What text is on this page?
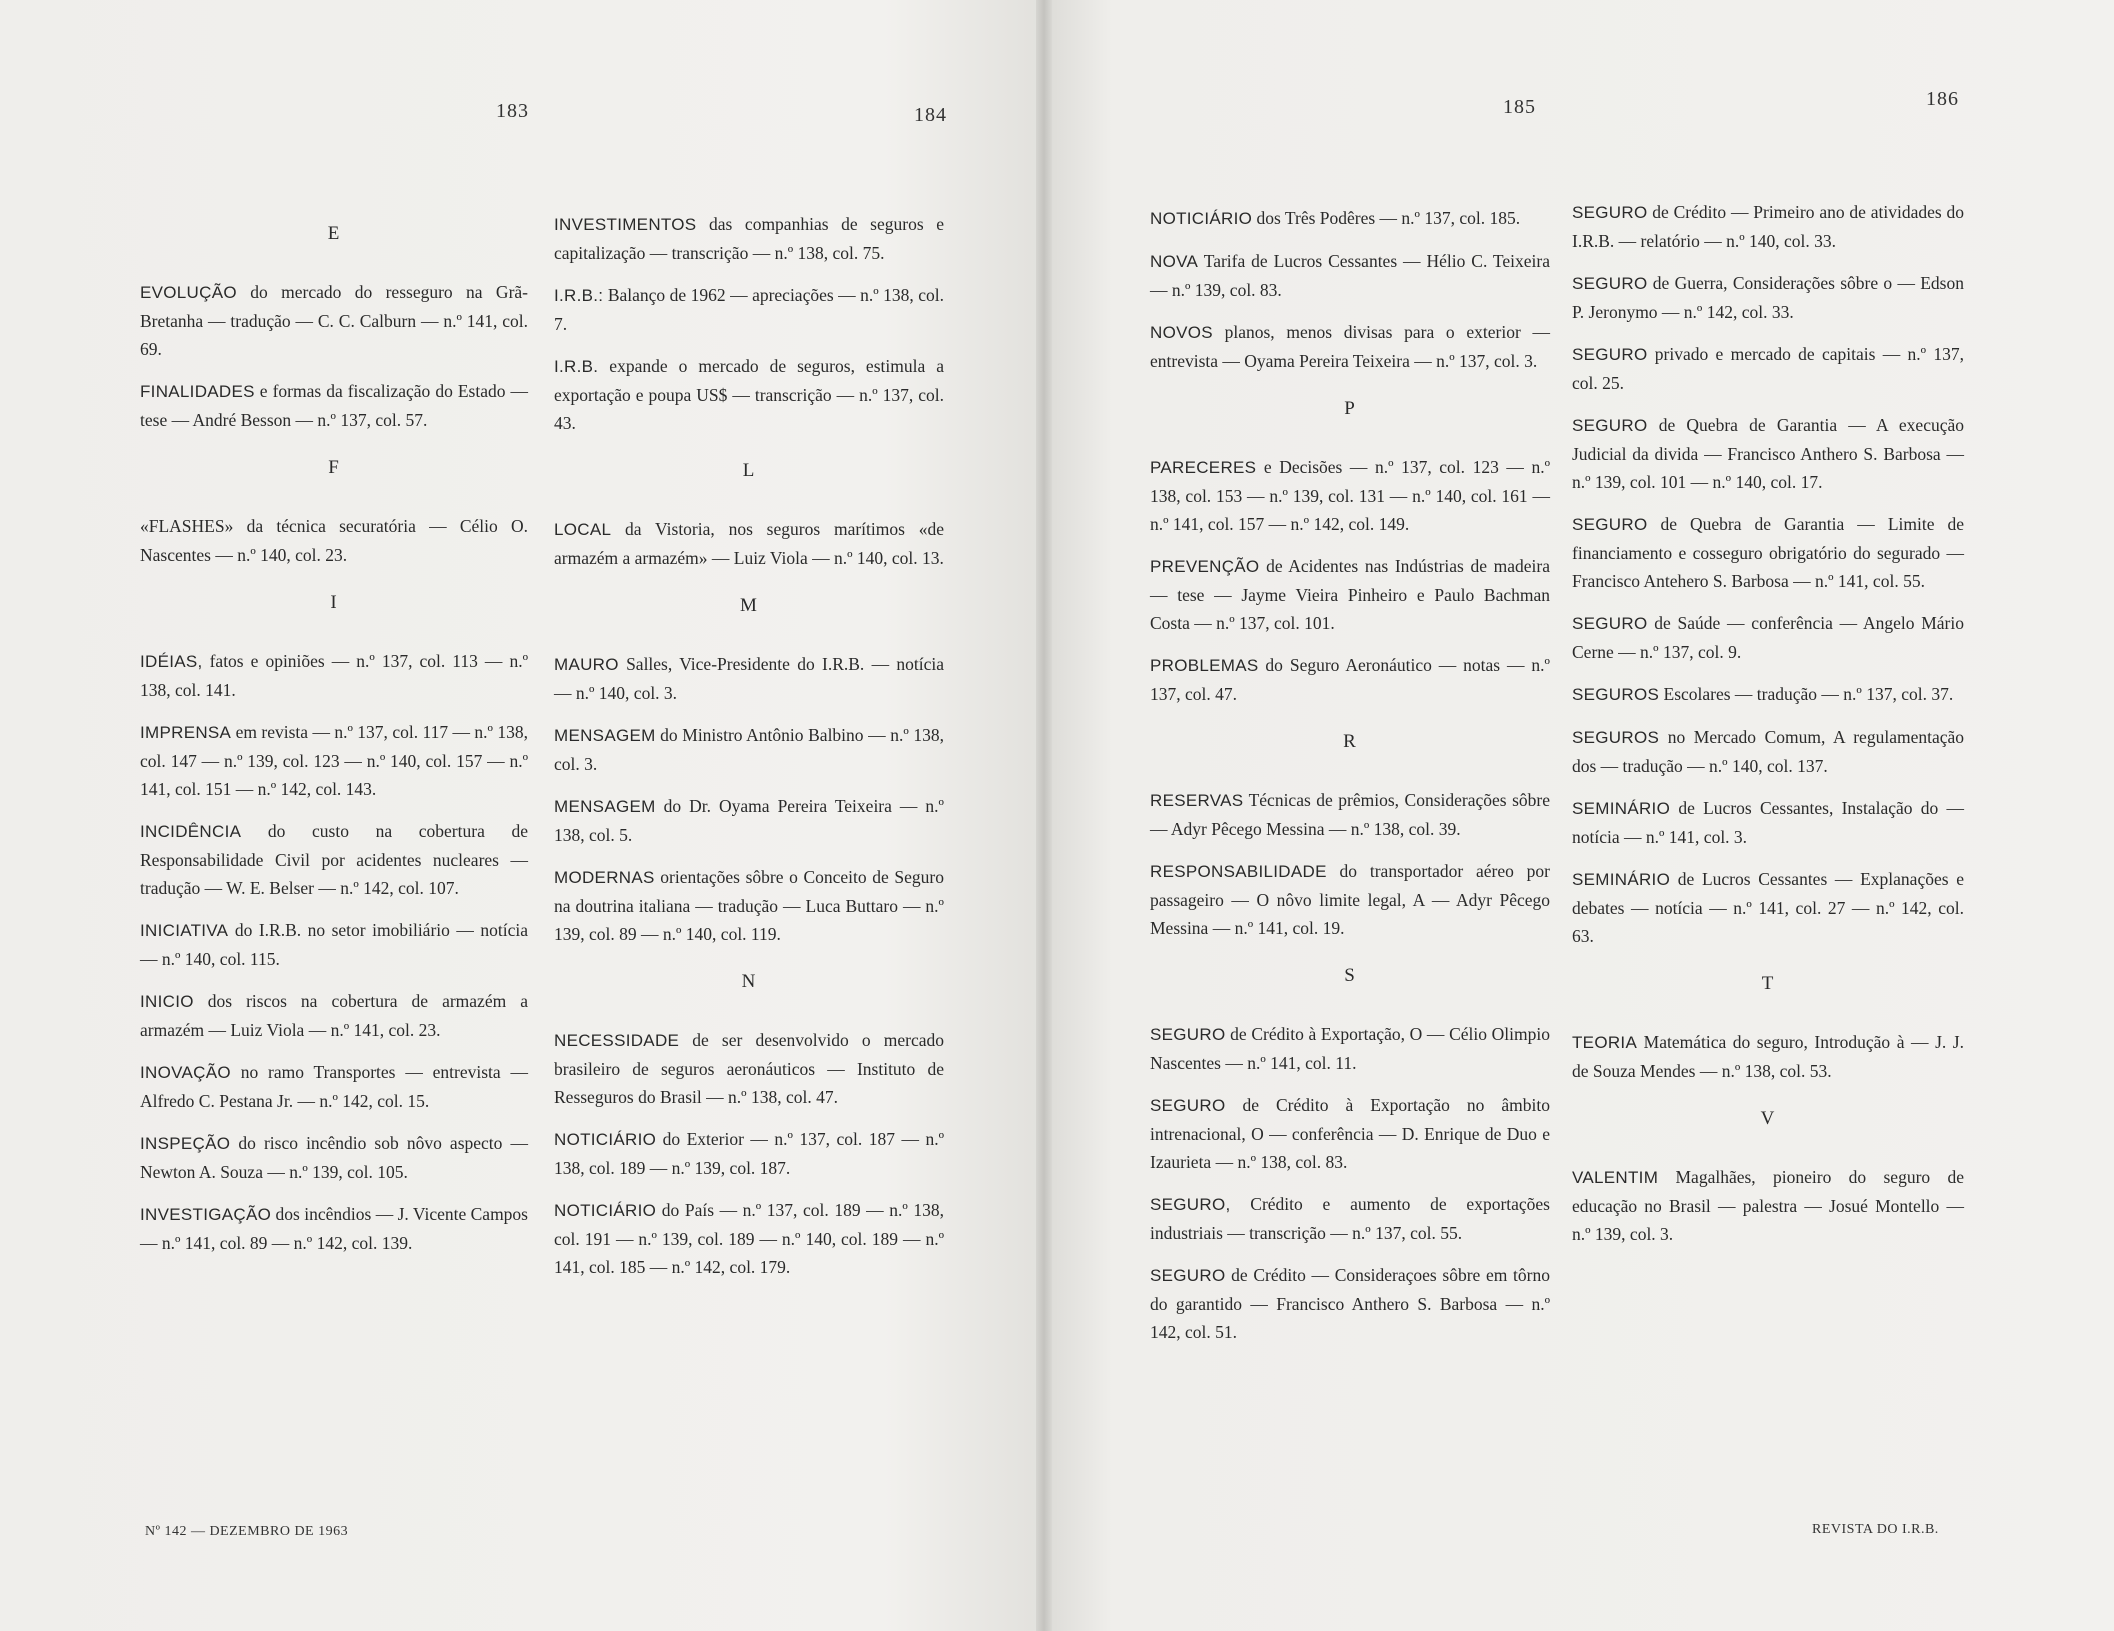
183	184	185	186
E
EVOLUÇÃO do mercado do resseguro na Grã-Bretanha — tradução — C. C. Calburn — n.º 141, col. 69.
FINALIDADES e formas da fiscalização do Estado — tese — André Besson — n.º 137, col. 57.
F
«FLASHES» da técnica securatória — Célio O. Nascentes — n.º 140, col. 23.
I
IDÉIAS, fatos e opiniões — n.º 137, col. 113 — n.º 138, col. 141.
IMPRENSA em revista — n.º 137, col. 117 — n.º 138, col. 147 — n.º 139, col. 123 — n.º 140, col. 157 — n.º 141, col. 151 — n.º 142, col. 143.
INCIDÊNCIA do custo na cobertura de Responsabilidade Civil por acidentes nucleares — tradução — W. E. Belser — n.º 142, col. 107.
INICIATIVA do I.R.B. no setor imobiliário — notícia — n.º 140, col. 115.
INICIO dos riscos na cobertura de armazém a armazém — Luiz Viola — n.º 141, col. 23.
INOVAÇÃO no ramo Transportes — entrevista — Alfredo C. Pestana Jr. — n.º 142, col. 15.
INSPEÇÃO do risco incêndio sob nôvo aspecto — Newton A. Souza — n.º 139, col. 105.
INVESTIGAÇÃO dos incêndios — J. Vicente Campos — n.º 141, col. 89 — n.º 142, col. 139.
INVESTIMENTOS das companhias de seguros e capitalização — transcrição — n.º 138, col. 75.
I.R.B.: Balanço de 1962 — apreciações — n.º 138, col. 7.
I.R.B. expande o mercado de seguros, estimula a exportação e poupa US$ — transcrição — n.º 137, col. 43.
L
LOCAL da Vistoria, nos seguros marítimos «de armazém a armazém» — Luiz Viola — n.º 140, col. 13.
M
MAURO Salles, Vice-Presidente do I.R.B. — notícia — n.º 140, col. 3.
MENSAGEM do Ministro Antônio Balbino — n.º 138, col. 3.
MENSAGEM do Dr. Oyama Pereira Teixeira — n.º 138, col. 5.
MODERNAS orientações sôbre o Conceito de Seguro na doutrina italiana — tradução — Luca Buttaro — n.º 139, col. 89 — n.º 140, col. 119.
N
NECESSIDADE de ser desenvolvido o mercado brasileiro de seguros aeronáuticos — Instituto de Resseguros do Brasil — n.º 138, col. 47.
NOTICIÁRIO do Exterior — n.º 137, col. 187 — n.º 138, col. 189 — n.º 139, col. 187.
NOTICIÁRIO do País — n.º 137, col. 189 — n.º 138, col. 191 — n.º 139, col. 189 — n.º 140, col. 189 — n.º 141, col. 185 — n.º 142, col. 179.
NOTICIÁRIO dos Três Podêres — n.º 137, col. 185.
NOVA Tarifa de Lucros Cessantes — Hélio C. Teixeira — n.º 139, col. 83.
NOVOS planos, menos divisas para o exterior — entrevista — Oyama Pereira Teixeira — n.º 137, col. 3.
P
PARECERES e Decisões — n.º 137, col. 123 — n.º 138, col. 153 — n.º 139, col. 131 — n.º 140, col. 161 — n.º 141, col. 157 — n.º 142, col. 149.
PREVENÇÃO de Acidentes nas Indústrias de madeira — tese — Jayme Vieira Pinheiro e Paulo Bachman Costa — n.º 137, col. 101.
PROBLEMAS do Seguro Aeronáutico — notas — n.º 137, col. 47.
R
RESERVAS Técnicas de prêmios, Considerações sôbre — Adyr Pêcego Messina — n.º 138, col. 39.
RESPONSABILIDADE do transportador aéreo por passageiro — O nôvo limite legal, A — Adyr Pêcego Messina — n.º 141, col. 19.
S
SEGURO de Crédito à Exportação, O — Célio Olimpio Nascentes — n.º 141, col. 11.
SEGURO de Crédito à Exportação no âmbito intrenacional, O — conferência — D. Enrique de Duo e Izaurieta — n.º 138, col. 83.
SEGURO, Crédito e aumento de exportações industriais — transcrição — n.º 137, col. 55.
SEGURO de Crédito — Consideraçoes sôbre em tôrno do garantido — Francisco Anthero S. Barbosa — n.º 142, col. 51.
SEGURO de Crédito — Primeiro ano de atividades do I.R.B. — relatório — n.º 140, col. 33.
SEGURO de Guerra, Considerações sôbre o — Edson P. Jeronymo — n.º 142, col. 33.
SEGURO privado e mercado de capitais — n.º 137, col. 25.
SEGURO de Quebra de Garantia — A execução Judicial da divida — Francisco Anthero S. Barbosa — n.º 139, col. 101 — n.º 140, col. 17.
SEGURO de Quebra de Garantia — Limite de financiamento e cosseguro obrigatório do segurado — Francisco Antehero S. Barbosa — n.º 141, col. 55.
SEGURO de Saúde — conferência — Angelo Mário Cerne — n.º 137, col. 9.
SEGUROS Escolares — tradução — n.º 137, col. 37.
SEGUROS no Mercado Comum, A regulamentação dos — tradução — n.º 140, col. 137.
SEMINÁRIO de Lucros Cessantes, Instalação do — notícia — n.º 141, col. 3.
SEMINÁRIO de Lucros Cessantes — Explanações e debates — notícia — n.º 141, col. 27 — n.º 142, col. 63.
T
TEORIA Matemática do seguro, Introdução à — J. J. de Souza Mendes — n.º 138, col. 53.
V
VALENTIM Magalhães, pioneiro do seguro de educação no Brasil — palestra — Josué Montello — n.º 139, col. 3.
Nº 142 — DEZEMBRO DE 1963	REVISTA DO I.R.B.
